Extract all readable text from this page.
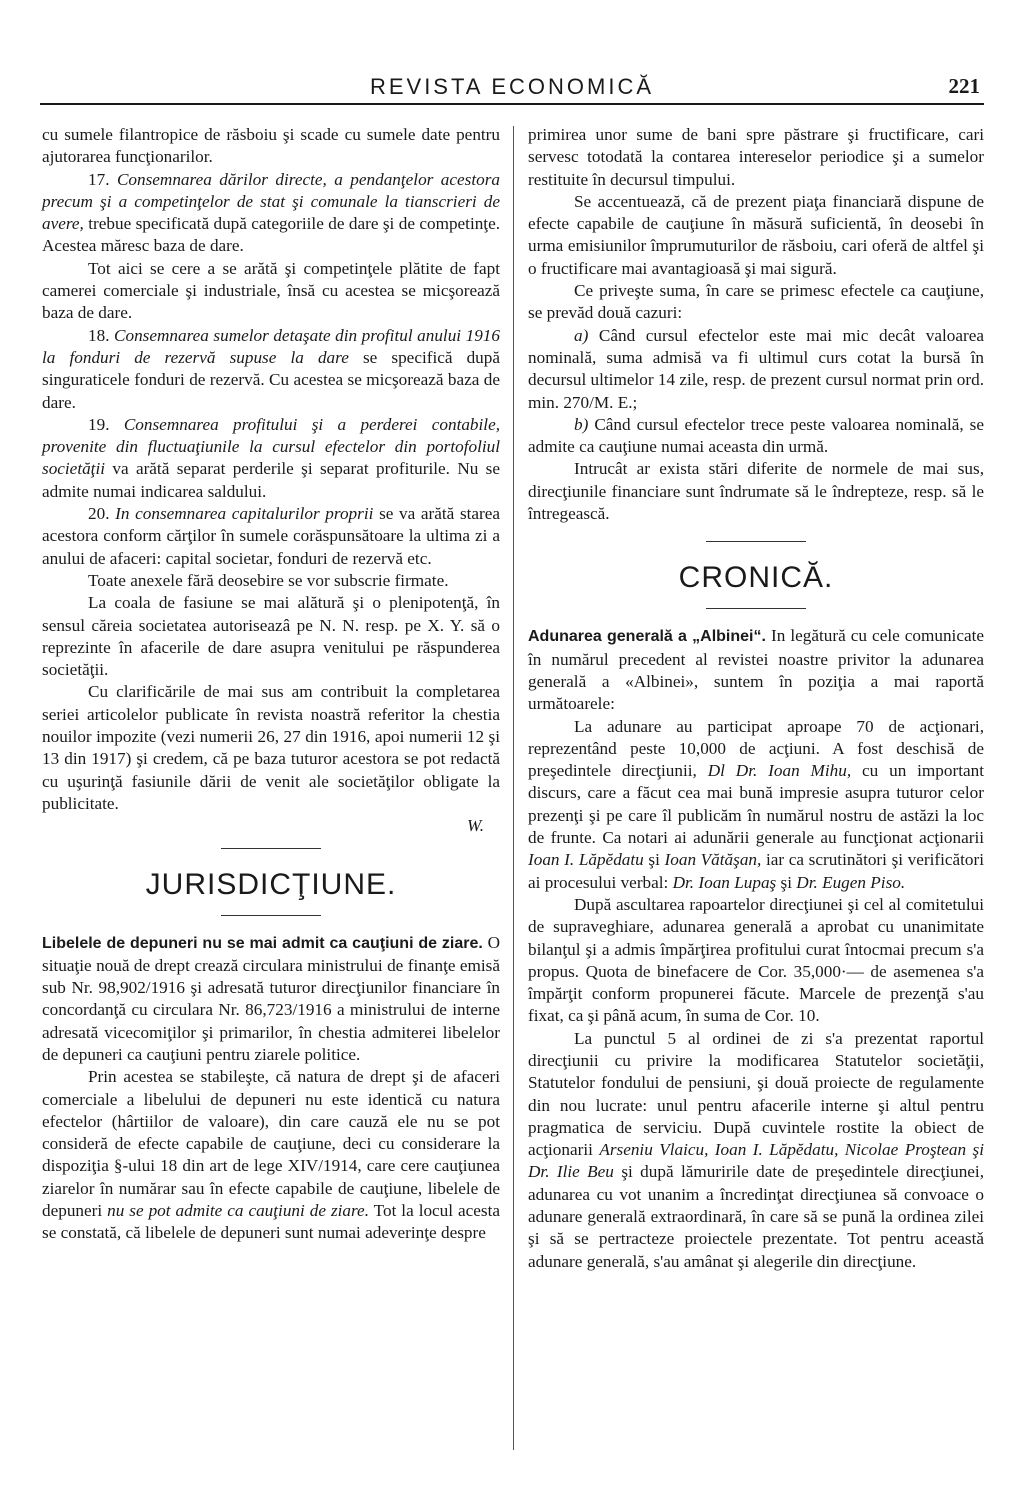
REVISTA ECONOMICĂ	221

cu sumele filantropice de răsboiu şi scade cu sumele date pentru ajutorarea funcţionarilor.

17. Consemnarea dărilor directe, a pendanţelor acestora precum şi a competinţelor de stat şi comunale la tianscrieri de avere, trebue specificată după categoriile de dare şi de competinţe. Acestea măresc baza de dare.

Tot aici se cere a se arătă şi competinţele plătite de fapt camerei comerciale şi industriale, însă cu acestea se micşorează baza de dare.

18. Consemnarea sumelor detaşate din profitul anului 1916 la fonduri de rezervă supuse la dare se specifică după singuraticele fonduri de rezervă. Cu acestea se micşorează baza de dare.

19. Consemnarea profitului şi a perderei contabile, provenite din fluctuaţiunile la cursul efectelor din portofoliul societăţii va arătă separat perderile şi separat profiturile. Nu se admite numai indicarea saldului.

20. In consemnarea capitalurilor proprii se va arătă starea acestora conform cărţilor în sumele corăspunsătoare la ultima zi a anului de afaceri: capital societar, fonduri de rezervă etc.

Toate anexele fără deosebire se vor subscrie firmate.

La coala de fasiune se mai alătură şi o plenipotenţă, în sensul căreia societatea autoriseazâ pe N. N. resp. pe X. Y. să o reprezinte în afacerile de dare asupra venitului pe răspunderea societăţii.

Cu clarificările de mai sus am contribuit la completarea seriei articolelor publicate în revista noastră referitor la chestia nouilor impozite (vezi numerii 26, 27 din 1916, apoi numerii 12 şi 13 din 1917) şi credem, că pe baza tuturor acestora se pot redactă cu uşurinţă fasiunile dării de venit ale societăţilor obligate la publicitate.

W.

JURISDICŢIUNE.

Libelele de depuneri nu se mai admit ca cauţiuni de ziare. O situaţie nouă de drept crează circulara ministrului de finanţe emisă sub Nr. 98,902/1916 şi adresată tuturor direcţiunilor financiare în concordanţă cu circulara Nr. 86,723/1916 a ministrului de interne adresată vicecomiţilor şi primarilor, în chestia admiterei libelelor de depuneri ca cauţiuni pentru ziarele politice.

Prin acestea se stabileşte, că natura de drept şi de afaceri comerciale a libelului de depuneri nu este identică cu natura efectelor (hârtiilor de valoare), din care cauză ele nu se pot consideră de efecte capabile de cauţiune, deci cu considerare la dispoziţia §-ului 18 din art de lege XIV/1914, care cere cauţiunea ziarelor în numărar sau în efecte capabile de cauţiune, libelele de depuneri nu se pot admite ca cauţiuni de ziare. Tot la locul acesta se constată, că libelele de depuneri sunt numai adeverinţe despre

primirea unor sume de bani spre păstrare şi fructificare, cari servesc totodată la contarea intereselor periodice şi a sumelor restituite în decursul timpului.

Se accentuează, că de prezent piaţa financiară dispune de efecte capabile de cauţiune în măsură suficientă, în deosebi în urma emisiunilor împrumuturilor de răsboiu, cari oferă de altfel şi o fructificare mai avantagioasă şi mai sigură.

Ce priveşte suma, în care se primesc efectele ca cauţiune, se prevăd două cazuri:

a) Când cursul efectelor este mai mic decât valoarea nominală, suma admisă va fi ultimul curs cotat la bursă în decursul ultimelor 14 zile, resp. de prezent cursul normat prin ord. min. 270/M. E.;

b) Când cursul efectelor trece peste valoarea nominală, se admite ca cauţiune numai aceasta din urmă.

Intrucât ar exista stări diferite de normele de mai sus, direcţiunile financiare sunt îndrumate să le îndrepteze, resp. să le întregească.

CRONICĂ.

Adunarea generală a „Albinei“. In legătură cu cele comunicate în numărul precedent al revistei noastre privitor la adunarea generală a «Albinei», suntem în poziţia a mai raportă următoarele:

La adunare au participat aproape 70 de acţionari, reprezentând peste 10,000 de acţiuni. A fost deschisă de preşedintele direcţiunii, Dl Dr. Ioan Mihu, cu un important discurs, care a făcut cea mai bună impresie asupra tuturor celor prezenţi şi pe care îl publicăm în numărul nostru de astăzi la loc de frunte. Ca notari ai adunării generale au funcţionat acţionarii Ioan I. Lăpĕdatu şi Ioan Vătăşan, iar ca scrutinători şi verificători ai procesului verbal: Dr. Ioan Lupaş şi Dr. Eugen Piso.

După ascultarea rapoartelor direcţiunei şi cel al comitetului de supraveghiare, adunarea generală a aprobat cu unanimitate bilanţul şi a admis împărţirea profitului curat întocmai precum s'a propus. Quota de binefacere de Cor. 35,000·— de asemenea s'a împărţit conform propunerei făcute. Marcele de prezenţă s'au fixat, ca şi până acum, în suma de Cor. 10.

La punctul 5 al ordinei de zi s'a prezentat raportul direcţiunii cu privire la modificarea Statutelor societăţii, Statutelor fondului de pensiuni, şi două proiecte de regulamente din nou lucrate: unul pentru afacerile interne şi altul pentru pragmatica de serviciu. După cuvintele rostite la obiect de acţionarii Arseniu Vlaicu, Ioan I. Lăpĕdatu, Nicolae Proştean şi Dr. Ilie Beu şi după lămuririle date de preşedintele direcţiunei, adunarea cu vot unanim a încredinţat direcţiunea să convoace o adunare generală extraordinară, în care să se pună la ordinea zilei şi să se pertracteze proiectele prezentate. Tot pentru aceastǎ adunare generală, s'au amânat şi alegerile din direcţiune.
